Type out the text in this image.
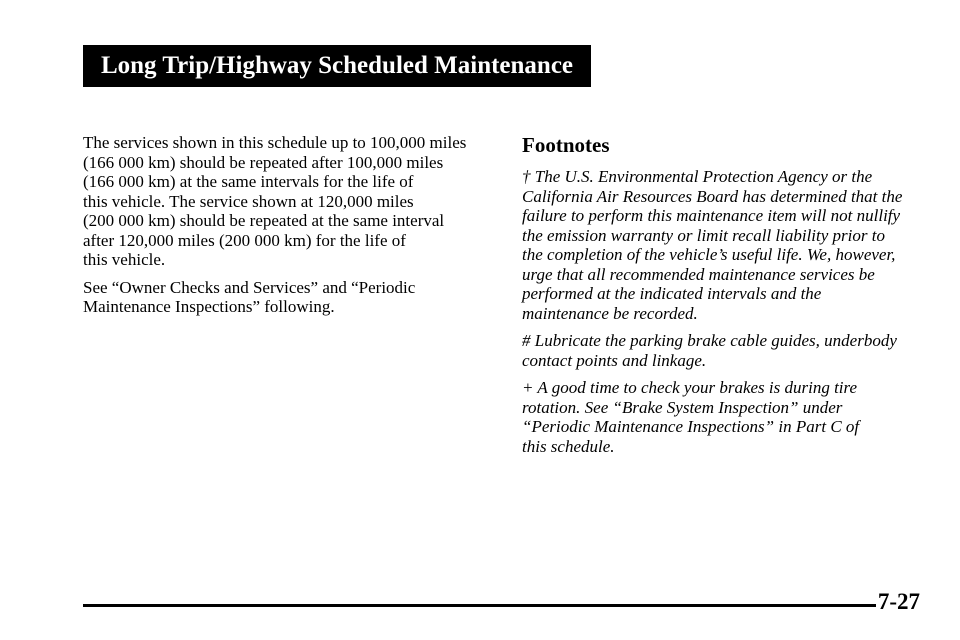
Long Trip/Highway Scheduled Maintenance

The services shown in this schedule up to 100,000 miles
(166 000 km) should be repeated after 100,000 miles
(166 000 km) at the same intervals for the life of
this vehicle. The service shown at 120,000 miles
(200 000 km) should be repeated at the same interval
after 120,000 miles (200 000 km) for the life of
this vehicle.

See “Owner Checks and Services” and “Periodic
Maintenance Inspections” following.

Footnotes

† The U.S. Environmental Protection Agency or the
California Air Resources Board has determined that the
failure to perform this maintenance item will not nullify
the emission warranty or limit recall liability prior to
the completion of the vehicle’s useful life. We, however,
urge that all recommended maintenance services be
performed at the indicated intervals and the
maintenance be recorded.

# Lubricate the parking brake cable guides, underbody
contact points and linkage.

+ A good time to check your brakes is during tire
rotation. See “Brake System Inspection” under
“Periodic Maintenance Inspections” in Part C of
this schedule.

7-27
